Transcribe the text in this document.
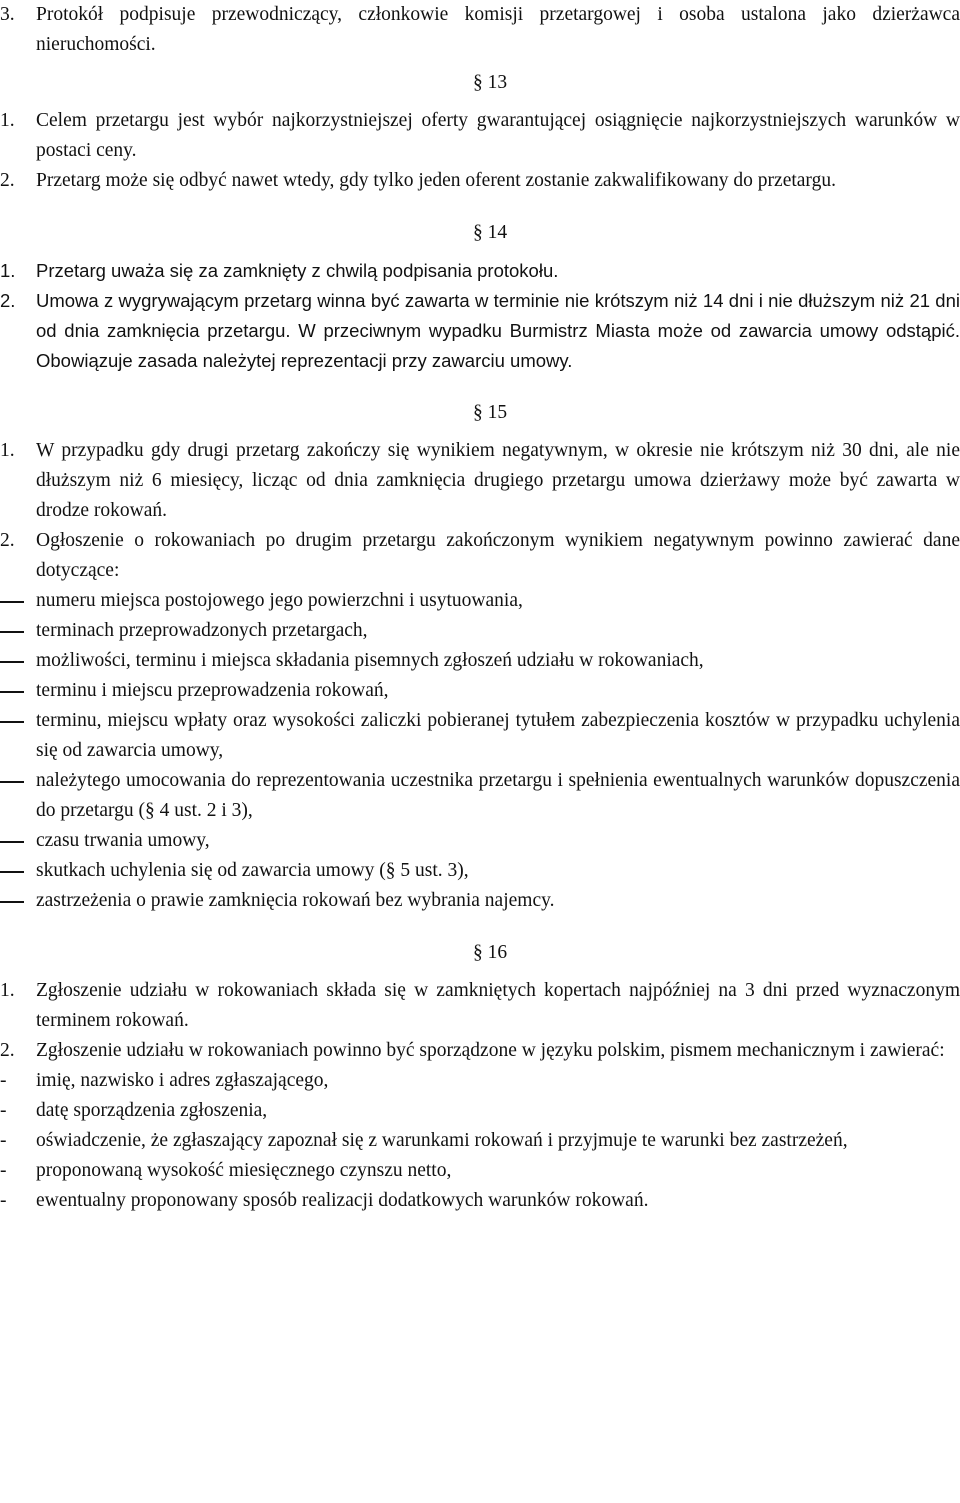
3. Protokół podpisuje przewodniczący, członkowie komisji przetargowej i osoba ustalona jako dzierżawca nieruchomości.
§ 13
1. Celem przetargu jest wybór najkorzystniejszej oferty gwarantującej osiągnięcie najkorzystniejszych warunków w postaci ceny.
2. Przetarg może się odbyć nawet wtedy, gdy tylko jeden oferent zostanie zakwalifikowany do przetargu.
§ 14
1. Przetarg uważa się za zamknięty z chwilą podpisania protokołu.
2. Umowa z wygrywającym przetarg winna być zawarta w terminie nie krótszym niż 14 dni i nie dłuższym niż 21 dni od dnia zamknięcia przetargu. W przeciwnym wypadku Burmistrz Miasta może od zawarcia umowy odstąpić. Obowiązuje zasada należytej reprezentacji przy zawarciu umowy.
§ 15
1. W przypadku gdy drugi przetarg zakończy się wynikiem negatywnym, w okresie nie krótszym niż 30 dni, ale nie dłuższym niż 6 miesięcy, licząc od dnia zamknięcia drugiego przetargu umowa dzierżawy może być zawarta w drodze rokowań.
2. Ogłoszenie o rokowaniach po drugim przetargu zakończonym wynikiem negatywnym powinno zawierać dane dotyczące:
numeru miejsca postojowego jego powierzchni i usytuowania,
terminach przeprowadzonych przetargach,
możliwości, terminu i miejsca składania pisemnych zgłoszeń udziału w rokowaniach,
terminu i miejscu przeprowadzenia rokowań,
terminu, miejscu wpłaty oraz wysokości zaliczki pobieranej tytułem zabezpieczenia kosztów w przypadku uchylenia się od zawarcia umowy,
należytego umocowania do reprezentowania uczestnika przetargu i spełnienia ewentualnych warunków dopuszczenia do przetargu (§ 4 ust. 2 i 3),
czasu trwania umowy,
skutkach uchylenia się od zawarcia umowy (§ 5 ust. 3),
zastrzeżenia o prawie zamknięcia rokowań bez wybrania najemcy.
§ 16
1. Zgłoszenie udziału w rokowaniach składa się w zamkniętych kopertach najpóźniej na 3 dni przed wyznaczonym terminem rokowań.
2. Zgłoszenie udziału w rokowaniach powinno być sporządzone w języku polskim, pismem mechanicznym i zawierać:
- imię, nazwisko i adres zgłaszającego,
- datę sporządzenia zgłoszenia,
- oświadczenie, że zgłaszający zapoznał się z warunkami rokowań i przyjmuje te warunki bez zastrzeżeń,
- proponowaną wysokość miesięcznego czynszu netto,
- ewentualny proponowany sposób realizacji dodatkowych warunków rokowań.
